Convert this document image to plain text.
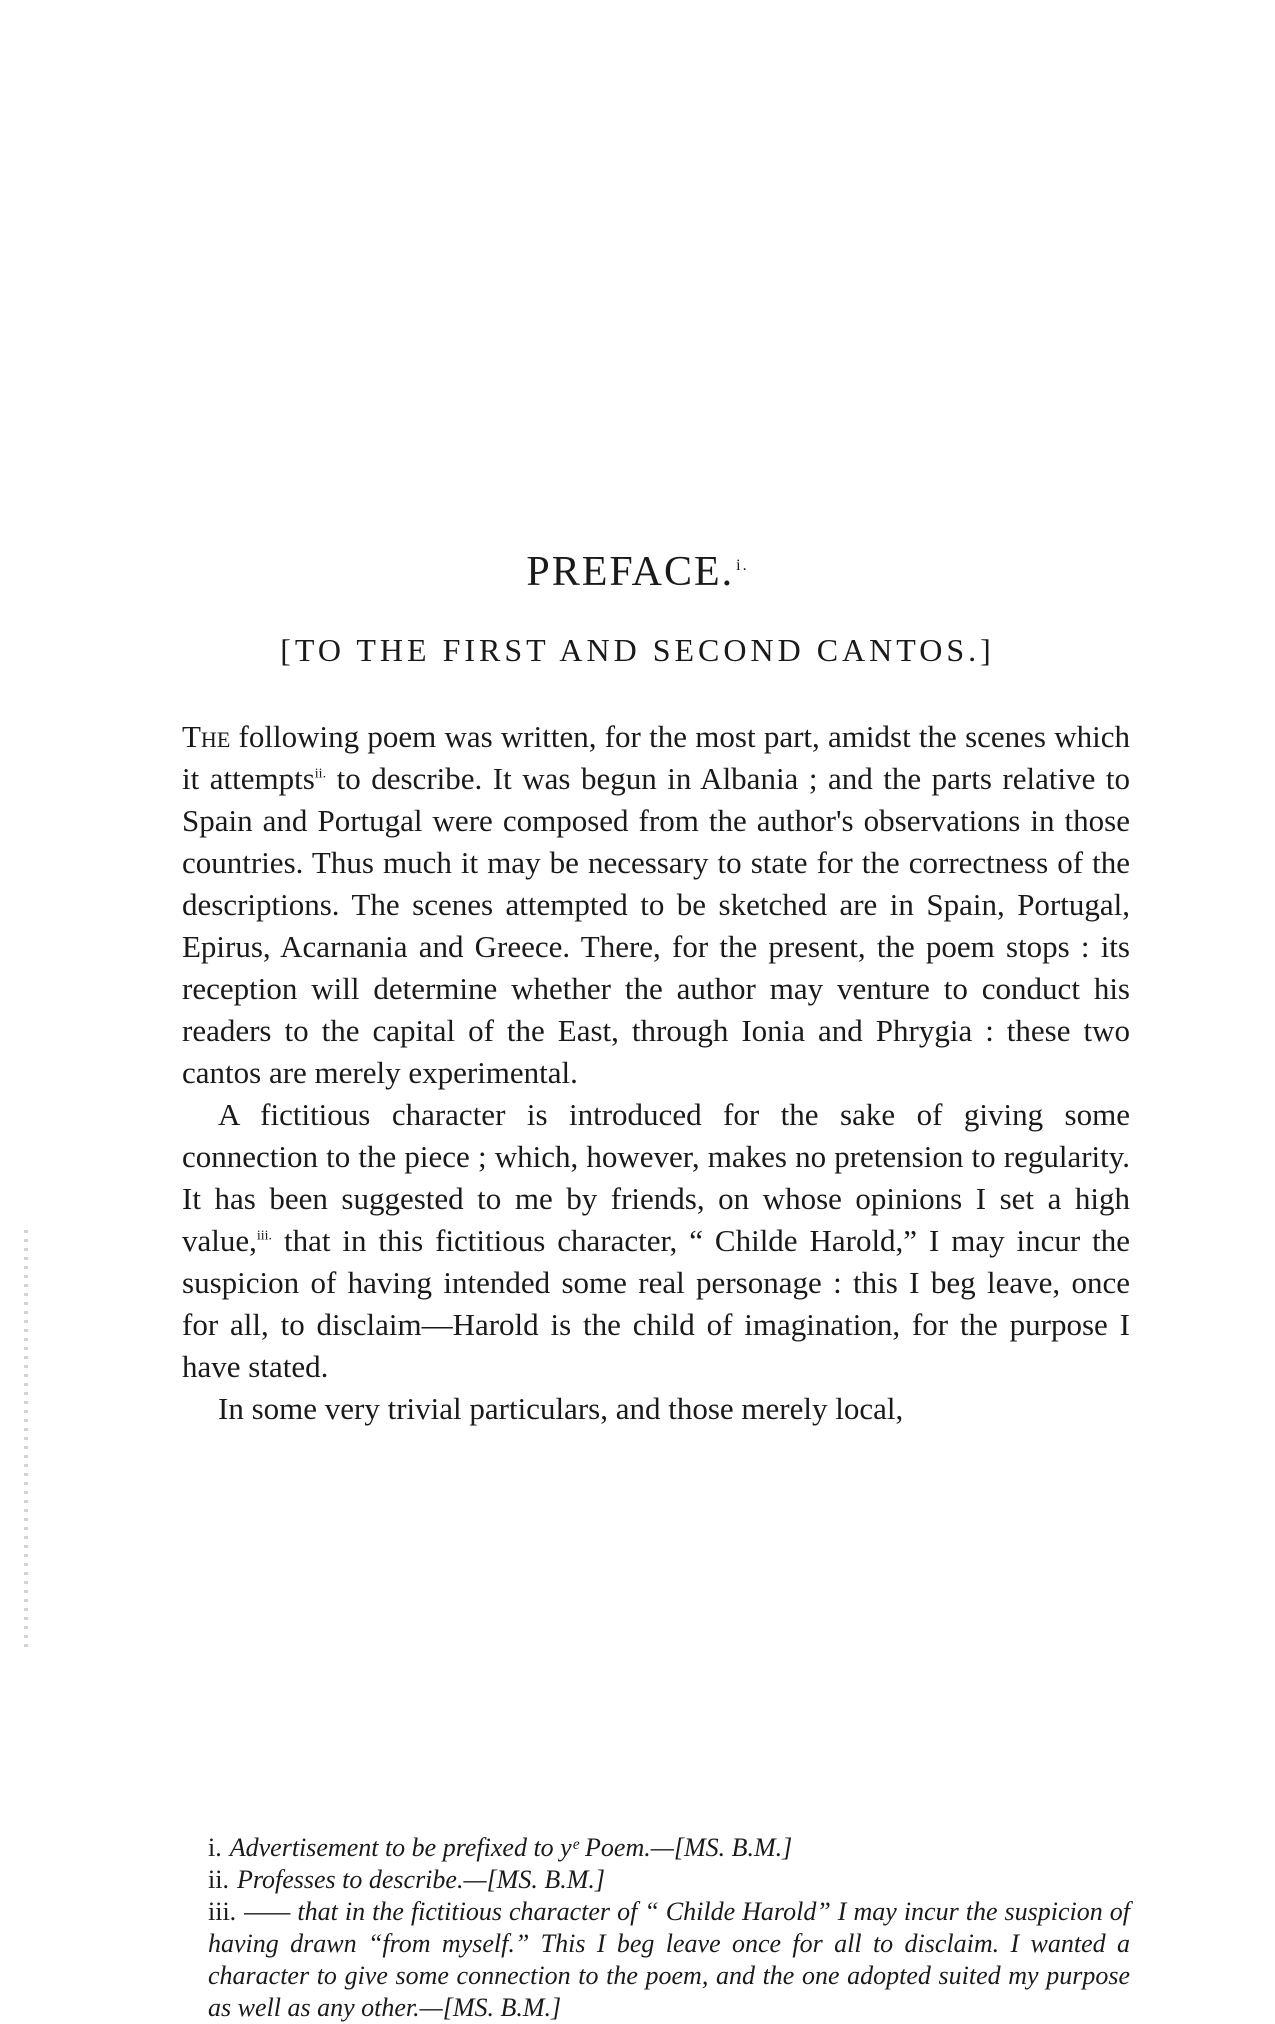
PREFACE. $^{i.}$
[TO THE FIRST AND SECOND CANTOS.]

The following poem was written, for the most part, amidst the scenes which it attempts$^{ii.}$ to describe. It was begun in Albania ; and the parts relative to Spain and Portugal were composed from the author's observations in those countries. Thus much it may be necessary to state for the correctness of the descriptions. The scenes attempted to be sketched are in Spain, Portugal, Epirus, Acarnania and Greece. There, for the present, the poem stops : its reception will determine whether the author may venture to conduct his readers to the capital of the East, through Ionia and Phrygia : these two cantos are merely experimental.

A fictitious character is introduced for the sake of giving some connection to the piece ; which, however, makes no pretension to regularity. It has been suggested to me by friends, on whose opinions I set a high value,$^{iii.}$ that in this fictitious character, “ Childe Harold,” I may incur the suspicion of having intended some real personage : this I beg leave, once for all, to disclaim—Harold is the child of imagination, for the purpose I have stated.

In some very trivial particulars, and those merely local,

i. Advertisement to be prefixed to yᵉ Poem.—[MS. B.M.]

ii. Professes to describe.—[MS. B.M.]

iii. —— that in the fictitious character of “ Childe Harold” I may incur the suspicion of having drawn “from myself.” This I beg leave once for all to disclaim. I wanted a character to give some connection to the poem, and the one adopted suited my purpose as well as any other.—[MS. B.M.]
